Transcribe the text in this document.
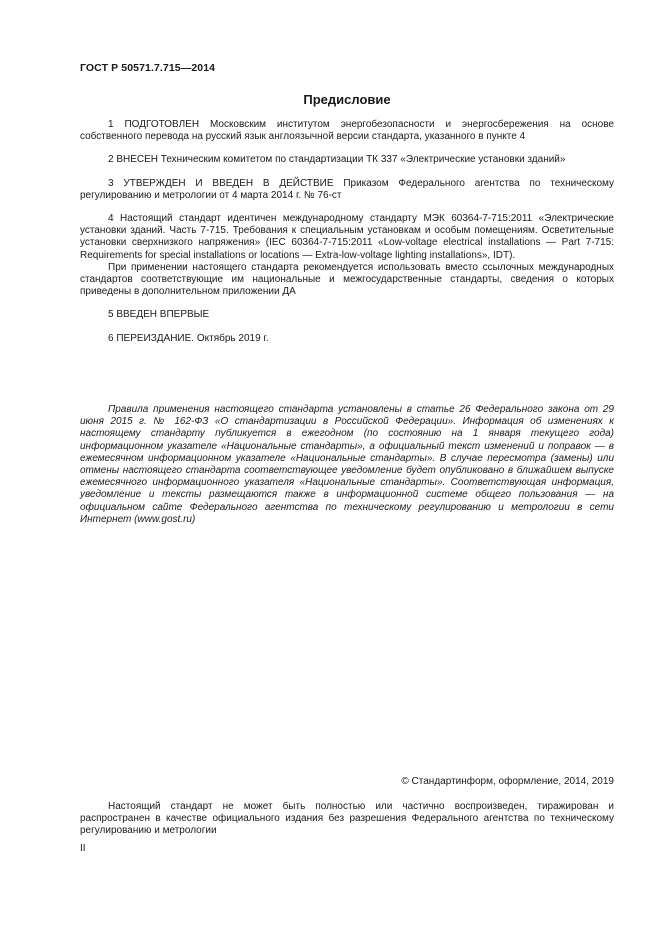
ГОСТ Р 50571.7.715—2014
Предисловие

1 ПОДГОТОВЛЕН Московским институтом энергобезопасности и энергосбережения на основе собственного перевода на русский язык англоязычной версии стандарта, указанного в пункте 4

2 ВНЕСЕН Техническим комитетом по стандартизации ТК 337 «Электрические установки зданий»

3 УТВЕРЖДЕН И ВВЕДЕН В ДЕЙСТВИЕ Приказом Федерального агентства по техническому регулированию и метрологии от 4 марта 2014 г. № 76-ст

4 Настоящий стандарт идентичен международному стандарту МЭК 60364-7-715:2011 «Электрические установки зданий. Часть 7-715. Требования к специальным установкам и особым помещениям. Осветительные установки сверхнизкого напряжения» (IEC 60364-7-715:2011 «Low-voltage electrical installations — Part 7-715: Requirements for special installations or locations — Extra-low-voltage lighting installations», IDT).

При применении настоящего стандарта рекомендуется использовать вместо ссылочных международных стандартов соответствующие им национальные и межгосударственные стандарты, сведения о которых приведены в дополнительном приложении ДА

5 ВВЕДЕН ВПЕРВЫЕ

6 ПЕРЕИЗДАНИЕ. Октябрь 2019 г.

Правила применения настоящего стандарта установлены в статье 26 Федерального закона от 29 июня 2015 г. № 162-ФЗ «О стандартизации в Российской Федерации». Информация об изменениях к настоящему стандарту публикуется в ежегодном (по состоянию на 1 января текущего года) информационном указателе «Национальные стандарты», а официальный текст изменений и поправок — в ежемесячном информационном указателе «Национальные стандарты». В случае пересмотра (замены) или отмены настоящего стандарта соответствующее уведомление будет опубликовано в ближайшем выпуске ежемесячного информационного указателя «Национальные стандарты». Соответствующая информация, уведомление и тексты размещаются также в информационной системе общего пользования — на официальном сайте Федерального агентства по техническому регулированию и метрологии в сети Интернет (www.gost.ru)

© Стандартинформ, оформление, 2014, 2019

Настоящий стандарт не может быть полностью или частично воспроизведен, тиражирован и распространен в качестве официального издания без разрешения Федерального агентства по техническому регулированию и метрологии

II
